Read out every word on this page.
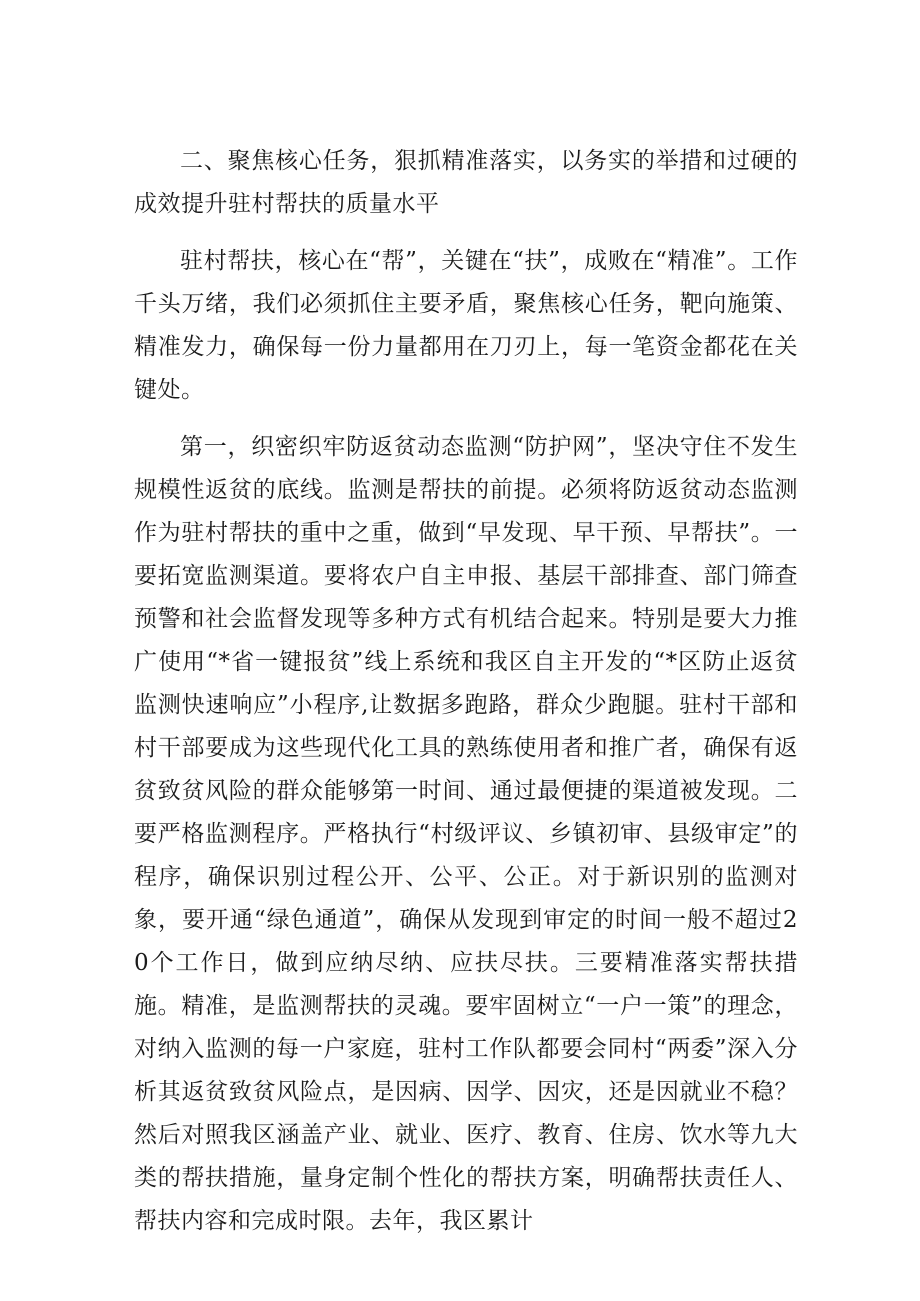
二、聚焦核心任务，狠抓精准落实，以务实的举措和过硬的成效提升驻村帮扶的质量水平

驻村帮扶，核心在“帮”，关键在“扶”，成败在“精准”。工作千头万绪，我们必须抓住主要矛盾，聚焦核心任务，靶向施策、精准发力，确保每一份力量都用在刀刃上，每一笔资金都花在关键处。

第一，织密织牢防返贫动态监测“防护网”，坚决守住不发生规模性返贫的底线。监测是帮扶的前提。必须将防返贫动态监测作为驻村帮扶的重中之重，做到“早发现、早干预、早帮扶”。一要拓宽监测渠道。要将农户自主申报、基层干部排查、部门筛查预警和社会监督发现等多种方式有机结合起来。特别是要大力推广使用“*省一键报贫”线上系统和我区自主开发的“*区防止返贫监测快速响应”小程序,让数据多跑路，群众少跑腿。驻村干部和村干部要成为这些现代化工具的熟练使用者和推广者，确保有返贫致贫风险的群众能够第一时间、通过最便捷的渠道被发现。二要严格监测程序。严格执行“村级评议、乡镇初审、县级审定”的程序，确保识别过程公开、公平、公正。对于新识别的监测对象，要开通“绿色通道”，确保从发现到审定的时间一般不超过20个工作日，做到应纳尽纳、应扶尽扶。三要精准落实帮扶措施。精准，是监测帮扶的灵魂。要牢固树立“一户一策”的理念，对纳入监测的每一户家庭，驻村工作队都要会同村“两委”深入分析其返贫致贫风险点，是因病、因学、因灾，还是因就业不稳？然后对照我区涵盖产业、就业、医疗、教育、住房、饮水等九大类的帮扶措施，量身定制个性化的帮扶方案，明确帮扶责任人、帮扶内容和完成时限。去年，我区累计
